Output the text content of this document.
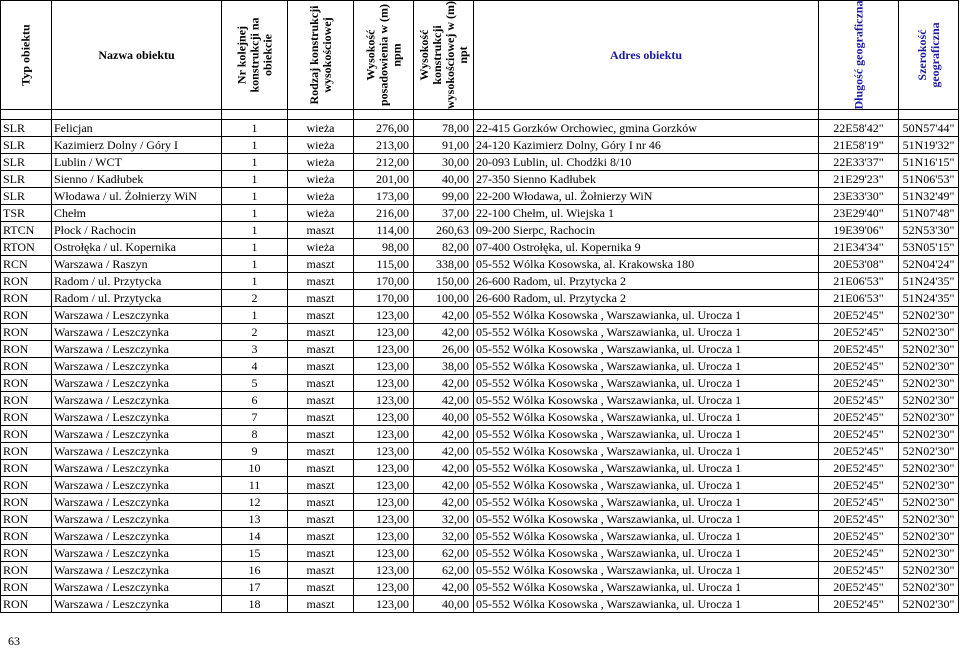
Typ obiektu	Nazwa obiektu	Nr kolejnej
konstrukcji na
obiekcie	Rodzaj konstrukcji
wysokościowej	Wysokość
posadowienia w (m)
npm	Wysokość
konstrukcji
wysokościowej w (m)
npt	Adres obiektu	Długość geograficzna	Szerokość
geograficzna

SLR	Felicjan	1	wieża	276,00	78,00	22-415 Gorzków Orchowiec, gmina Gorzków	22E58'42"	50N57'44"
SLR	Kazimierz Dolny / Góry I	1	wieża	213,00	91,00	24-120 Kazimierz Dolny, Góry I nr 46	21E58'19"	51N19'32"
SLR	Lublin / WCT	1	wieża	212,00	30,00	20-093 Lublin, ul. Chodźki 8/10	22E33'37"	51N16'15"
SLR	Sienno / Kadłubek	1	wieża	201,00	40,00	27-350 Sienno Kadłubek	21E29'23"	51N06'53"
SLR	Włodawa / ul. Żołnierzy WiN	1	wieża	173,00	99,00	22-200 Włodawa, ul. Żołnierzy WiN	23E33'30"	51N32'49"
TSR	Chełm	1	wieża	216,00	37,00	22-100 Chełm, ul. Wiejska 1	23E29'40"	51N07'48"
RTCN	Płock / Rachocin	1	maszt	114,00	260,63	09-200 Sierpc, Rachocin	19E39'06"	52N53'30"
RTON	Ostrołęka / ul. Kopernika	1	wieża	98,00	82,00	07-400 Ostrołęka, ul. Kopernika 9	21E34'34"	53N05'15"
RCN	Warszawa / Raszyn	1	maszt	115,00	338,00	05-552 Wólka Kosowska, al. Krakowska 180	20E53'08"	52N04'24"
RON	Radom / ul. Przytycka	1	maszt	170,00	150,00	26-600 Radom, ul. Przytycka 2	21E06'53"	51N24'35"
RON	Radom / ul. Przytycka	2	maszt	170,00	100,00	26-600 Radom, ul. Przytycka 2	21E06'53"	51N24'35"
RON	Warszawa / Leszczynka	1	maszt	123,00	42,00	05-552 Wólka Kosowska , Warszawianka, ul. Urocza 1	20E52'45"	52N02'30"
RON	Warszawa / Leszczynka	2	maszt	123,00	42,00	05-552 Wólka Kosowska , Warszawianka, ul. Urocza 1	20E52'45"	52N02'30"
RON	Warszawa / Leszczynka	3	maszt	123,00	26,00	05-552 Wólka Kosowska , Warszawianka, ul. Urocza 1	20E52'45"	52N02'30"
RON	Warszawa / Leszczynka	4	maszt	123,00	38,00	05-552 Wólka Kosowska , Warszawianka, ul. Urocza 1	20E52'45"	52N02'30"
RON	Warszawa / Leszczynka	5	maszt	123,00	42,00	05-552 Wólka Kosowska , Warszawianka, ul. Urocza 1	20E52'45"	52N02'30"
RON	Warszawa / Leszczynka	6	maszt	123,00	42,00	05-552 Wólka Kosowska , Warszawianka, ul. Urocza 1	20E52'45"	52N02'30"
RON	Warszawa / Leszczynka	7	maszt	123,00	40,00	05-552 Wólka Kosowska , Warszawianka, ul. Urocza 1	20E52'45"	52N02'30"
RON	Warszawa / Leszczynka	8	maszt	123,00	42,00	05-552 Wólka Kosowska , Warszawianka, ul. Urocza 1	20E52'45"	52N02'30"
RON	Warszawa / Leszczynka	9	maszt	123,00	42,00	05-552 Wólka Kosowska , Warszawianka, ul. Urocza 1	20E52'45"	52N02'30"
RON	Warszawa / Leszczynka	10	maszt	123,00	42,00	05-552 Wólka Kosowska , Warszawianka, ul. Urocza 1	20E52'45"	52N02'30"
RON	Warszawa / Leszczynka	11	maszt	123,00	42,00	05-552 Wólka Kosowska , Warszawianka, ul. Urocza 1	20E52'45"	52N02'30"
RON	Warszawa / Leszczynka	12	maszt	123,00	42,00	05-552 Wólka Kosowska , Warszawianka, ul. Urocza 1	20E52'45"	52N02'30"
RON	Warszawa / Leszczynka	13	maszt	123,00	32,00	05-552 Wólka Kosowska , Warszawianka, ul. Urocza 1	20E52'45"	52N02'30"
RON	Warszawa / Leszczynka	14	maszt	123,00	32,00	05-552 Wólka Kosowska , Warszawianka, ul. Urocza 1	20E52'45"	52N02'30"
RON	Warszawa / Leszczynka	15	maszt	123,00	62,00	05-552 Wólka Kosowska , Warszawianka, ul. Urocza 1	20E52'45"	52N02'30"
RON	Warszawa / Leszczynka	16	maszt	123,00	62,00	05-552 Wólka Kosowska , Warszawianka, ul. Urocza 1	20E52'45"	52N02'30"
RON	Warszawa / Leszczynka	17	maszt	123,00	42,00	05-552 Wólka Kosowska , Warszawianka, ul. Urocza 1	20E52'45"	52N02'30"
RON	Warszawa / Leszczynka	18	maszt	123,00	40,00	05-552 Wólka Kosowska , Warszawianka, ul. Urocza 1	20E52'45"	52N02'30"
63
